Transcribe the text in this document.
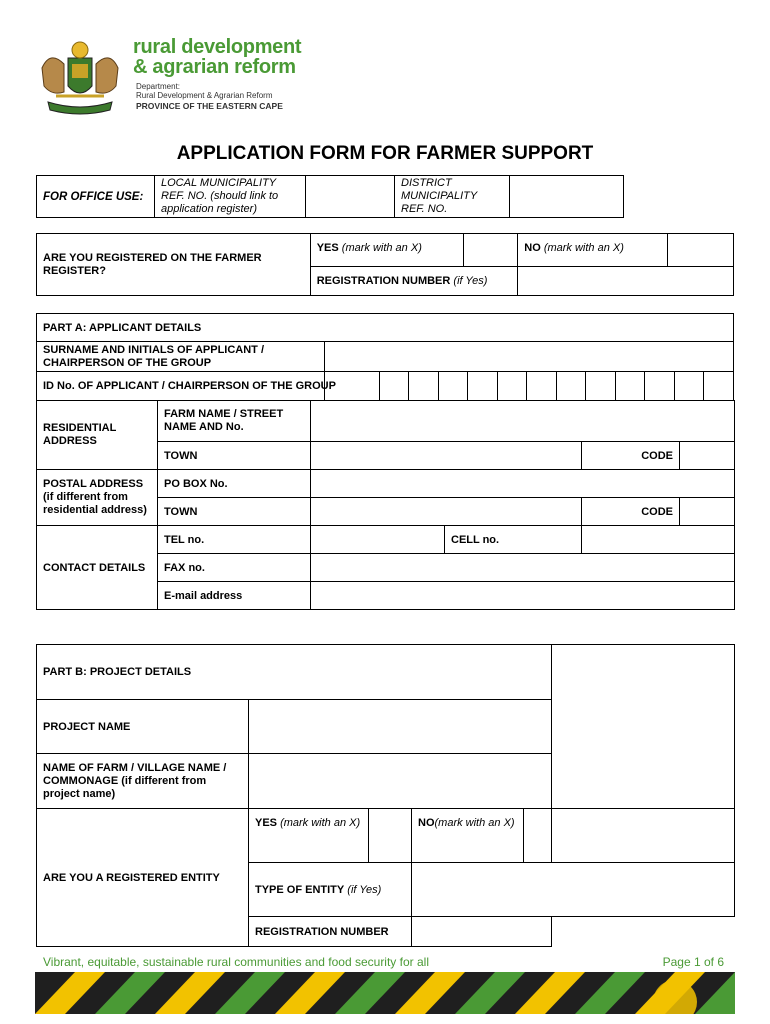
rural development
& agrarian reform
Department:
Rural Development & Agrarian Reform
PROVINCE OF THE EASTERN CAPE
APPLICATION FORM FOR FARMER SUPPORT
FOR OFFICE USE:	LOCAL MUNICIPALITY REF. NO. (should link to application register)		DISTRICT MUNICIPALITY REF. NO.		
ARE YOU REGISTERED ON THE FARMER REGISTER?	YES (mark with an X)		NO (mark with an X)	
	REGISTRATION NUMBER (if Yes)			
PART A: APPLICANT DETAILS													
SURNAME AND INITIALS OF APPLICANT / CHAIRPERSON OF THE GROUP													
ID No. OF APPLICANT / CHAIRPERSON OF THE GROUP													
RESIDENTIAL ADDRESS	FARM NAME / STREET NAME AND No.				
	TOWN			CODE	
POSTAL ADDRESS (if different from residential address)	PO BOX No.				
	TOWN			CODE	
CONTACT DETAILS	TEL no.		CELL no.		
	FAX no.				
	E-mail address				
PART B: PROJECT DETAILS					
PROJECT NAME					
NAME OF FARM / VILLAGE NAME / COMMONAGE (if different from project name)					
ARE YOU A REGISTERED ENTITY	YES (mark with an X)		NO(mark with an X)		
	TYPE OF ENTITY (if Yes)				
	REGISTRATION NUMBER				
Vibrant, equitable, sustainable rural communities and food security for all	Page 1 of 6
